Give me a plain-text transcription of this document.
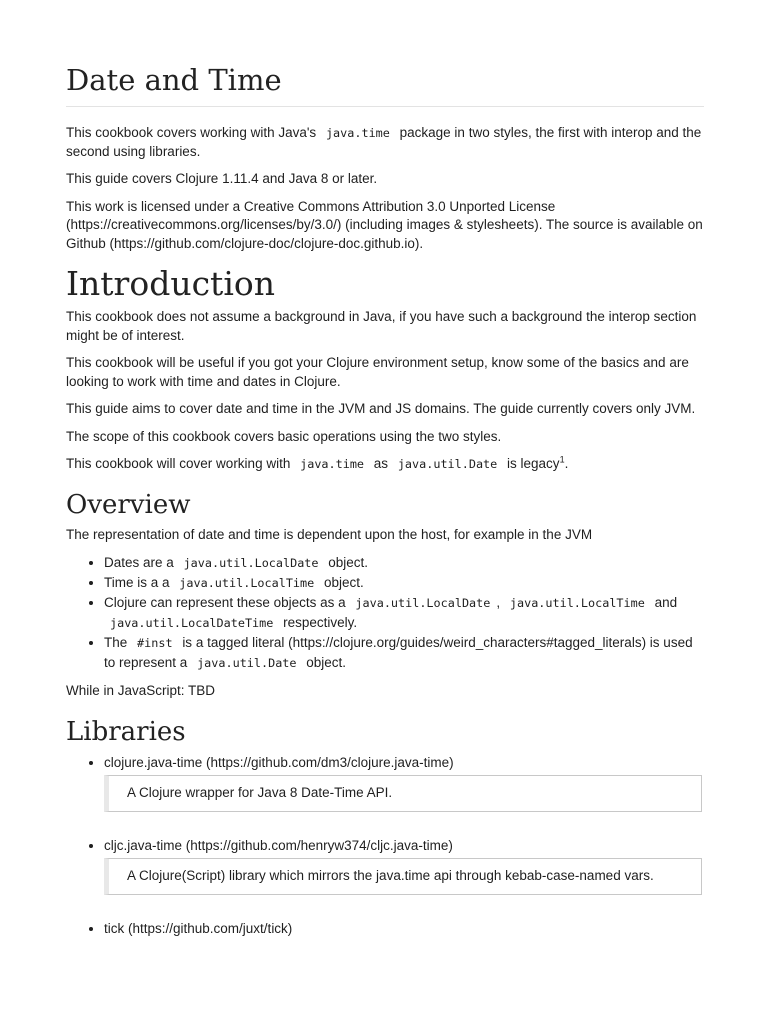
Date and Time

This cookbook covers working with Java's java.time package in two styles, the first with interop and the second using libraries.

This guide covers Clojure 1.11.4 and Java 8 or later.

This work is licensed under a Creative Commons Attribution 3.0 Unported License (https://creativecommons.org/licenses/by/3.0/) (including images & stylesheets). The source is available on Github (https://github.com/clojure-doc/clojure-doc.github.io).

Introduction

This cookbook does not assume a background in Java, if you have such a background the interop section might be of interest.

This cookbook will be useful if you got your Clojure environment setup, know some of the basics and are looking to work with time and dates in Clojure.

This guide aims to cover date and time in the JVM and JS domains. The guide currently covers only JVM.

The scope of this cookbook covers basic operations using the two styles.

This cookbook will cover working with java.time as java.util.Date is legacy$^1$.

Overview

The representation of date and time is dependent upon the host, for example in the JVM

• Dates are a java.util.LocalDate object.
• Time is a a java.util.LocalTime object.
• Clojure can represent these objects as a java.util.LocalDate , java.util.LocalTime and java.util.LocalDateTime respectively.
• The #inst is a tagged literal (https://clojure.org/guides/weird_characters#tagged_literals) is used to represent a java.util.Date object.

While in JavaScript: TBD

Libraries
• clojure.java-time (https://github.com/dm3/clojure.java-time)
A Clojure wrapper for Java 8 Date-Time API.
• cljc.java-time (https://github.com/henryw374/cljc.java-time)
A Clojure(Script) library which mirrors the java.time api through kebab-case-named vars.
• tick (https://github.com/juxt/tick)
